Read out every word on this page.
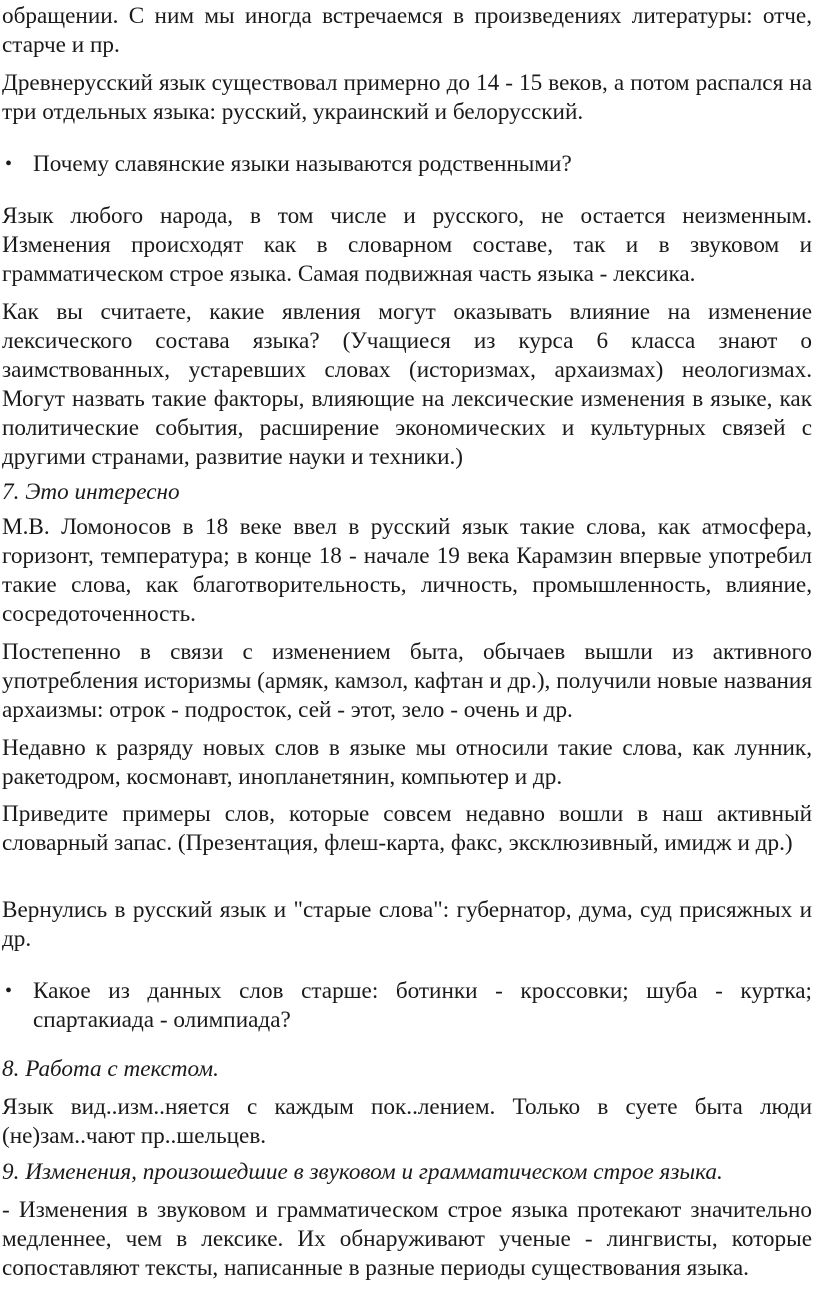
обращении. С ним мы иногда встречаемся в произведениях литературы: отче, старче и пр.

Древнерусский язык существовал примерно до 14 - 15 веков, а потом распался на три отдельных языка: русский, украинский и белорусский.

• Почему славянские языки называются родственными?

Язык любого народа, в том числе и русского, не остается неизменным. Изменения происходят как в словарном составе, так и в звуковом и грамматическом строе языка. Самая подвижная часть языка - лексика.

Как вы считаете, какие явления могут оказывать влияние на изменение лексического состава языка? (Учащиеся из курса 6 класса знают о заимствованных, устаревших словах (историзмах, архаизмах) неологизмах. Могут назвать такие факторы, влияющие на лексические изменения в языке, как политические события, расширение экономических и культурных связей с другими странами, развитие науки и техники.)

7. Это интересно

М.В. Ломоносов в 18 веке ввел в русский язык такие слова, как атмосфера, горизонт, температура; в конце 18 - начале 19 века Карамзин впервые употребил такие слова, как благотворительность, личность, промышленность, влияние, сосредоточенность.

Постепенно в связи с изменением быта, обычаев вышли из активного употребления историзмы (армяк, камзол, кафтан и др.), получили новые названия архаизмы: отрок - подросток, сей - этот, зело - очень и др.

Недавно к разряду новых слов в языке мы относили такие слова, как лунник, ракетодром, космонавт, инопланетянин, компьютер и др.

Приведите примеры слов, которые совсем недавно вошли в наш активный словарный запас. (Презентация, флеш-карта, факс, эксклюзивный, имидж и др.)

Вернулись в русский язык и "старые слова": губернатор, дума, суд присяжных и др.

• Какое из данных слов старше: ботинки - кроссовки; шуба - куртка; спартакиада - олимпиада?

8. Работа с текстом.

Язык вид..изм..няется с каждым пок..лением. Только в суете быта люди (не)зам..чают пр..шельцев.

9. Изменения, произошедшие в звуковом и грамматическом строе языка.

- Изменения в звуковом и грамматическом строе языка протекают значительно медленнее, чем в лексике. Их обнаруживают ученые - лингвисты, которые сопоставляют тексты, написанные в разные периоды существования языка.
